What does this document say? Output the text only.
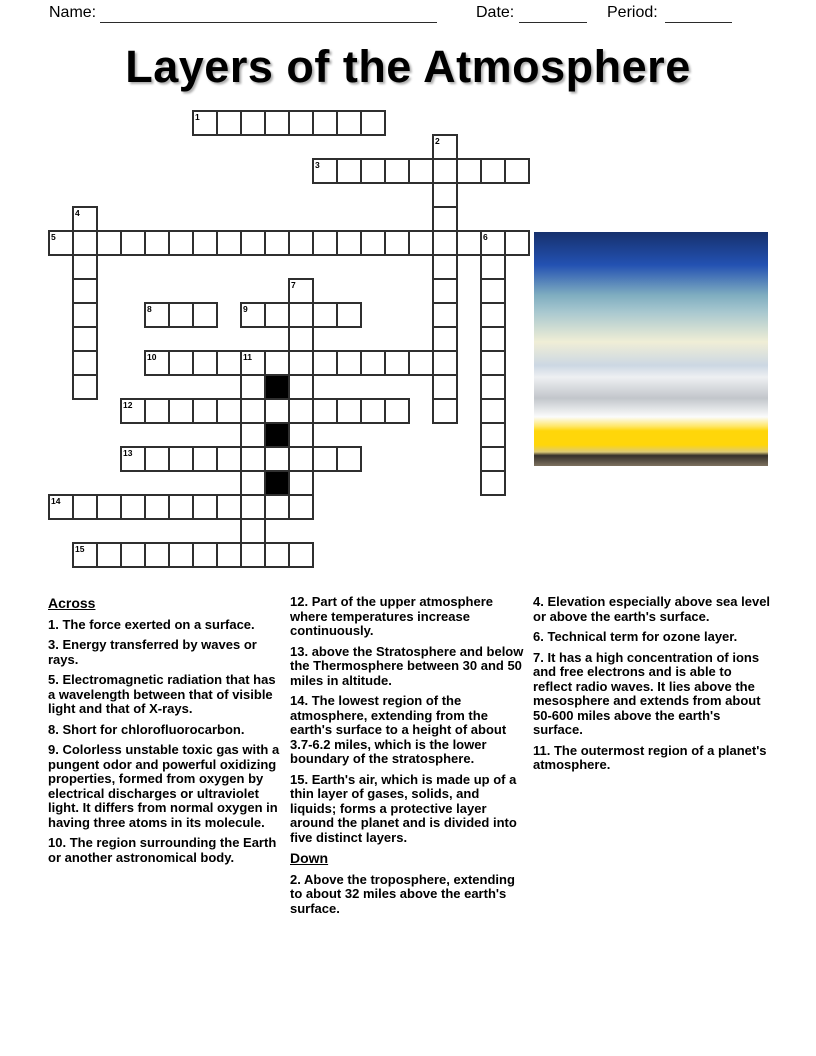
Name:	Date:	Period:
Layers of the Atmosphere
1
2
3
4
5	6
7
8	9
10	11
12
13
14
15
Across

1. The force exerted on a surface.

3. Energy transferred by waves or rays.

5. Electromagnetic radiation that has a wavelength between that of visible light and that of X-rays.

8. Short for chlorofluorocarbon.

9. Colorless unstable toxic gas with a pungent odor and powerful oxidizing properties, formed from oxygen by electrical discharges or ultraviolet light. It differs from normal oxygen in having three atoms in its molecule.

10. The region surrounding the Earth or another astronomical body.

12. Part of the upper atmosphere where temperatures increase continuously.

13. above the Stratosphere and below the Thermosphere between 30 and 50 miles in altitude.

14. The lowest region of the atmosphere, extending from the earth's surface to a height of about 3.7-6.2 miles, which is the lower boundary of the stratosphere.

15. Earth's air, which is made up of a thin layer of gases, solids, and liquids; forms a protective layer around the planet and is divided into five distinct layers.

Down

2. Above the troposphere, extending to about 32 miles above the earth's surface.

4. Elevation especially above sea level or above the earth's surface.

6. Technical term for ozone layer.

7. It has a high concentration of ions and free electrons and is able to reflect radio waves. It lies above the mesosphere and extends from about 50-600 miles above the earth's surface.

11. The outermost region of a planet's atmosphere.
